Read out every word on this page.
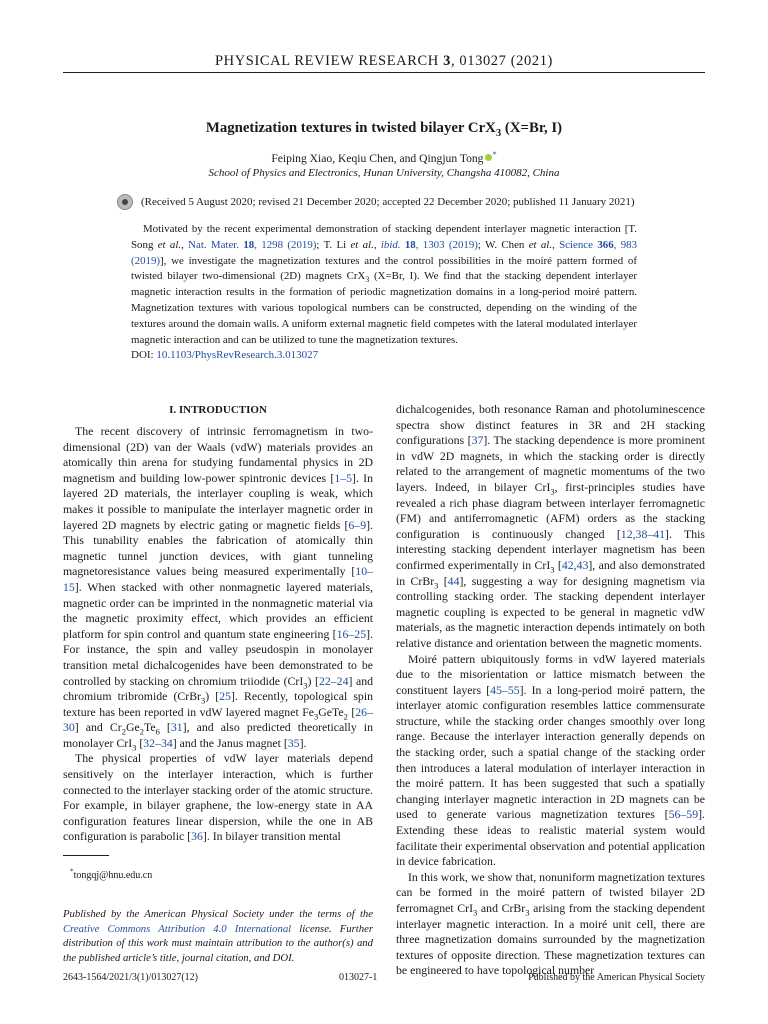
PHYSICAL REVIEW RESEARCH 3, 013027 (2021)
Magnetization textures in twisted bilayer CrX$_3$ (X=Br, I)
Feiping Xiao, Keqiu Chen, and Qingjun Tong *
School of Physics and Electronics, Hunan University, Changsha 410082, China
(Received 5 August 2020; revised 21 December 2020; accepted 22 December 2020; published 11 January 2021)
Motivated by the recent experimental demonstration of stacking dependent interlayer magnetic interaction [T. Song et al., Nat. Mater. 18, 1298 (2019); T. Li et al., ibid. 18, 1303 (2019); W. Chen et al., Science 366, 983 (2019)], we investigate the magnetization textures and the control possibilities in the moiré pattern formed of twisted bilayer two-dimensional (2D) magnets CrX$_3$ (X=Br, I). We find that the stacking dependent interlayer magnetic interaction results in the formation of periodic magnetization domains in a long-period moiré pattern. Magnetization textures with various topological numbers can be constructed, depending on the winding of the textures around the domain walls. A uniform external magnetic field competes with the lateral modulated interlayer magnetic interaction and can be utilized to tune the magnetization textures.
DOI: 10.1103/PhysRevResearch.3.013027
I. INTRODUCTION

The recent discovery of intrinsic ferromagnetism in two-dimensional (2D) van der Waals (vdW) materials provides an atomically thin arena for studying fundamental physics in 2D magnetism and building low-power spintronic devices [1–5]. In layered 2D materials, the interlayer coupling is weak, which makes it possible to manipulate the interlayer magnetic order in layered 2D magnets by electric gating or magnetic fields [6–9]. This tunability enables the fabrication of atomically thin magnetic tunnel junction devices, with giant tunneling magnetoresistance values being measured experimentally [10–15]. When stacked with other nonmagnetic layered materials, magnetic order can be imprinted in the nonmagnetic material via the magnetic proximity effect, which provides an efficient platform for spin control and quantum state engineering [16–25]. For instance, the spin and valley pseudospin in monolayer transition metal dichalcogenides have been demonstrated to be controlled by stacking on chromium triiodide (CrI$_3$) [22–24] and chromium tribromide (CrBr$_3$) [25]. Recently, topological spin texture has been reported in vdW layered magnet $Fe_3GeTe_2$ [26–30] and $Cr_2Ge_2Te_6$ [31], and also predicted theoretically in monolayer CrI$_3$ [32–34] and the Janus magnet [35].

The physical properties of vdW layer materials depend sensitively on the interlayer interaction, which is further connected to the interlayer stacking order of the atomic structure. For example, in bilayer graphene, the low-energy state in AA configuration features linear dispersion, while the one in AB configuration is parabolic [36]. In bilayer transition mental

dichalcogenides, both resonance Raman and photoluminescence spectra show distinct features in 3R and 2H stacking configurations [37]. The stacking dependence is more prominent in vdW 2D magnets, in which the stacking order is directly related to the arrangement of magnetic momentums of the two layers. Indeed, in bilayer CrI$_3$, first-principles studies have revealed a rich phase diagram between interlayer ferromagnetic (FM) and antiferromagnetic (AFM) orders as the stacking configuration is continuously changed [12,38–41]. This interesting stacking dependent interlayer magnetism has been confirmed experimentally in CrI$_3$ [42,43], and also demonstrated in CrBr$_3$ [44], suggesting a way for designing magnetism via controlling stacking order. The stacking dependent interlayer magnetic coupling is expected to be general in magnetic vdW materials, as the magnetic interaction depends intimately on both relative distance and orientation between the magnetic moments.

Moiré pattern ubiquitously forms in vdW layered materials due to the misorientation or lattice mismatch between the constituent layers [45–55]. In a long-period moiré pattern, the interlayer atomic configuration resembles lattice commensurate structure, while the stacking order changes smoothly over long range. Because the interlayer interaction generally depends on the stacking order, such a spatial change of the stacking order then introduces a lateral modulation of interlayer interaction in the moiré pattern. It has been suggested that such a spatially changing interlayer magnetic interaction in 2D magnets can be used to generate various magnetization textures [56–59]. Extending these ideas to realistic material system would facilitate their experimental observation and potential application in device fabrication.

In this work, we show that, nonuniform magnetization textures can be formed in the moiré pattern of twisted bilayer 2D ferromagnet CrI$_3$ and CrBr$_3$ arising from the stacking dependent interlayer magnetic interaction. In a moiré unit cell, there are three magnetization domains surrounded by the magnetization textures of opposite direction. These magnetization textures can be engineered to have topological number

*tongqj@hnu.edu.cn
Published by the American Physical Society under the terms of the Creative Commons Attribution 4.0 International license. Further distribution of this work must maintain attribution to the author(s) and the published article’s title, journal citation, and DOI.
2643-1564/2021/3(1)/013027(12)	013027-1	Published by the American Physical Society
